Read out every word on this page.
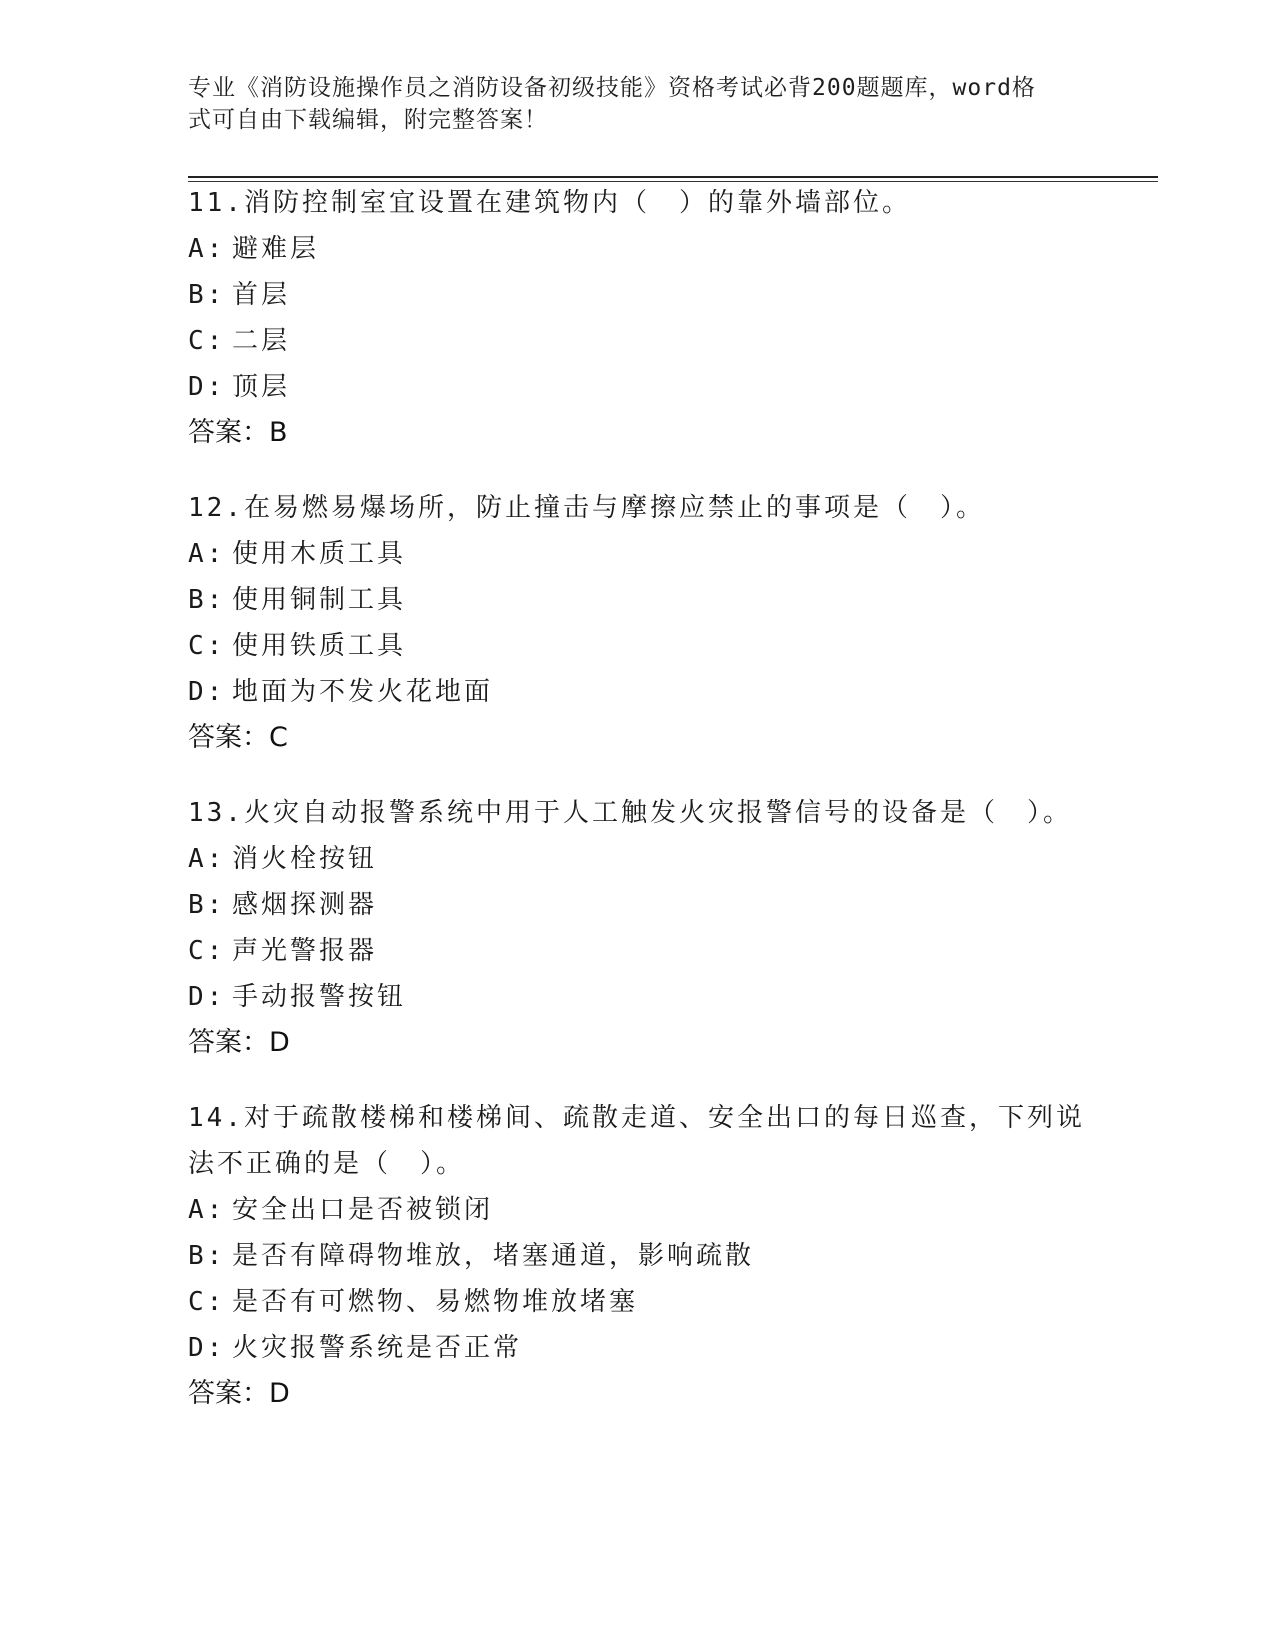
专业《消防设施操作员之消防设备初级技能》资格考试必背200题题库，word格
式可自由下载编辑，附完整答案！
11.消防控制室宜设置在建筑物内（　）的靠外墙部位。
A: 避难层
B: 首层
C: 二层
D: 顶层
答案：B
12.在易燃易爆场所，防止撞击与摩擦应禁止的事项是（　）。
A: 使用木质工具
B: 使用铜制工具
C: 使用铁质工具
D: 地面为不发火花地面
答案：C
13.火灾自动报警系统中用于人工触发火灾报警信号的设备是（　）。
A: 消火栓按钮
B: 感烟探测器
C: 声光警报器
D: 手动报警按钮
答案：D
14.对于疏散楼梯和楼梯间、疏散走道、安全出口的每日巡查，下列说
法不正确的是（　）。
A: 安全出口是否被锁闭
B: 是否有障碍物堆放，堵塞通道，影响疏散
C: 是否有可燃物、易燃物堆放堵塞
D: 火灾报警系统是否正常
答案：D
